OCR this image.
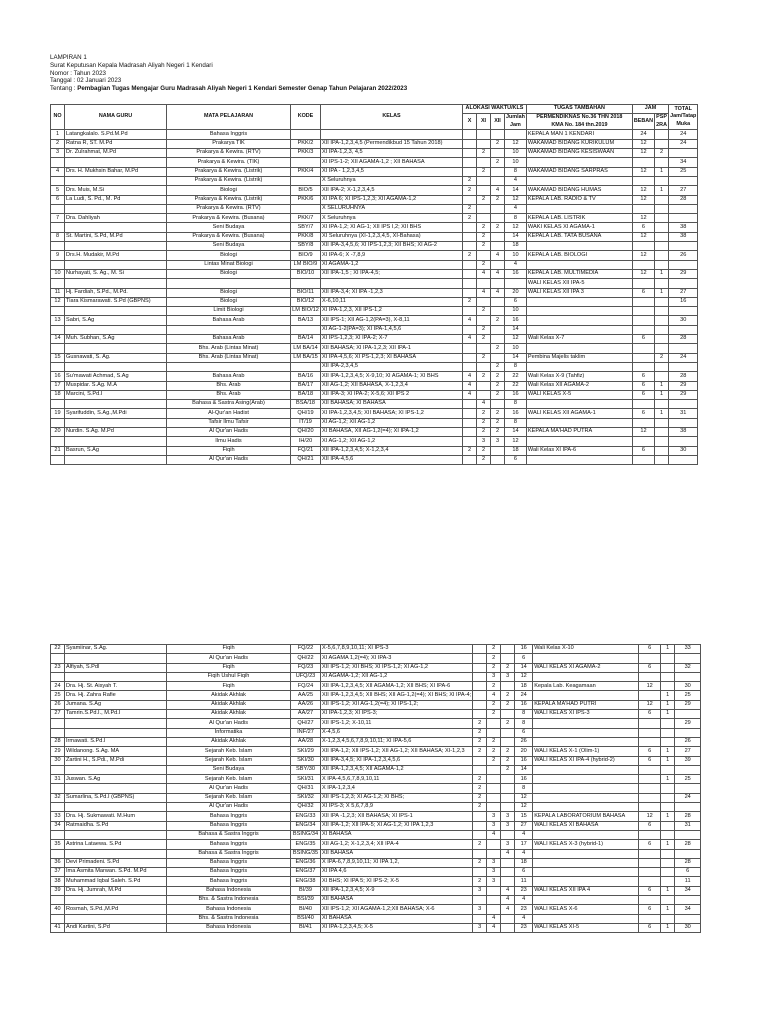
LAMPIRAN 1
Surat Keputusan Kepala Madrasah Aliyah Negeri 1 Kendari
Nomor : Tahun 2023
Tanggal : 02 Januari 2023
Tentang : Pembagian Tugas Mengajar Guru Madrasah Aliyah Negeri 1 Kendari Semester Genap Tahun Pelajaran 2022/2023
NO	NAMA GURU	MATA PELAJARAN	KODE	KELAS	ALOKASI WAKTU/KLS				TUGAS TAMBAHAN	JAM		TOTAL Jam/Tatap Muka
					X	XI	XII	Jumlah Jam	PERMENDIKNAS No.36 THN 2018
KMA No. 184 thn.2019	BEBAN	PSP 2RA	
1	Latangkalalo. S.Pd.M.Pd	Bahasa Inggris							KEPALA MAN 1 KENDARI	24		24
2	Ratna R, ST. M.Pd	Prakarya TIK	PKK/2	XII IPA-1,2,3,4,5 (Permendikbud 15 Tahun 2018)			2	12	WAKAMAD BIDANG KURIKULUM	12		24
3	Dr. Zulrahmat, M.Pd	Prakarya & Kewira. (RTV)	PKK/3	XI IPA-1,2,3, 4,5		2		10	WAKAMAD BIDANG KESISWAAN	12	2	
		Prakarya & Kewira. (TIK)		XI IPS-1-2; XII AGAMA-1,2 ; XII BAHASA			2	10				34
4	Drs. H. Mukhsin Bahar, M.Pd	Prakarya & Kewira. (Listrik)	PKK/4	XI IPA - 1,2,3,4,5		2		8	WAKAMAD BIDANG SARPRAS	12	1	25
		Prakarya & Kewira. (Listrik)		X Seluruhnya	2			4				
5	Drs. Muis, M.Si	Biologi	BIO/5	XII IPA-2; X-1,2,3,4,5	2		4	14	WAKAMAD BIDANG HUMAS	12	1	27
6	La Ludi, S. Pd., M. Pd	Prakarya & Kewira. (Listrik)	PKK/6	XI IPA 6; XI IPS-1,2,3; XII AGAMA-1,2		2	2	12	KEPALA LAB. RADIO & TV	12		28
		Prakarya & Kewira. (RTV)		X SELURUHNYA	2			4				
7	Dra. Dahliyah	Prakarya & Kewira. (Busana)	PKK/7	X Seluruhnya	2			8	KEPALA LAB. LISTRIK	12		
		Seni Budaya	SBY/7	XI IPA-1,2; XI AG-1; XII IPS I,2; XII BHS		2	2	12	WAKI KELAS XI AGAMA-1	6		38
8	St. Martini, S.Pd, M.Pd	Prakarya & Kewira. (Busana)	PKK/8	XI Seluruhnya (XI-1,2,3,4,5, XI-Bahasa)		2		14	KEPALA LAB. TATA BUSANA	12		38
		Seni Budaya	SBY/8	XII IPA-3,4,5,6; XI IPS-1,2,3; XII BHS; XI AG-2		2		18				
9	Drs.H. Mudakir, M.Pd	Biologi	BIO/9	XI IPA-6; X -7,8,9	2		4	10	KEPALA LAB. BIOLOGI	12		26
		Lintas Minat Biologi	LM BIO/9	XI AGAMA-1,2		2		4				
10	Nurhayati, S. Ag., M. Si	Biologi	BIO/10	XII IPA-1,5 ; XI IPA-4,5;		4	4	16	KEPALA LAB. MULTIMEDIA	12	1	29
									WALI KELAS XII IPA-5			
11	Hj. Fardiah, S.Pd., M.Pd.	Biologi	BIO/11	XII IPA-3,4; XI IPA -1,2,3		4	4	20	WALI KELAS XII IPA 3	6	1	27
12	Tiara Kismarawati. S.Pd (GBPNS)	Biologi	BIO/12	X-6,10,11	2			6				16
		Limit Biologi	LM BIO/12	XI IPA-1,2,3, XII IPS-1,2		2		10				
13	Sabri, S.Ag	Bahasa Arab	BA/13	XII IPS-1; XII AG-1,2(PA=3), X-8,11	4		2	16				30
				XI AG-1-2(PA=3); XI IPA-1,4,5,6		2		14				
14	Muh. Subhan, S.Ag	Bahasa Arab	BA/14	XI IPS-1,2,3; XI IPA-2; X-7	4	2		12	Wali Kelas X-7	6		28
		Bhs. Arab (Lintas Minat)	LM BA/14	XII BAHASA; XI IPA-1,2,3; XII IPA-1			2	10				
15	Gusnawati, S. Ag.	Bhs. Arab (Lintas Minat)	LM BA/15	XI IPA-4,5,6; XI PS-1,2,3; XI BAHASA		2		14	Pembina Majelis taklim		2	24
				XII IPA-2,3,4,5			2	8				
16	Su'mawati Achmad, S.Ag	Bahasa Arab	BA/16	XII IPA-1,2,3,4,5; X-9,10; XI AGAMA-1; XI BHS	4	2	2	22	Wali Kelas X-9 (Tahfiz)	6		28
17	Muspidar. S.Ag. M.A	Bhs. Arab	BA/17	XII AG-1,2; XII BAHASA, X-1,2,3,4	4		2	22	Wali Kelas XII AGAMA-2	6	1	29
18	Marcini, S.Pd.I	Bhs. Arab	BA/18	XII IPA-3; XI IPA-2; X-5,6; XII IPS 2	4		2	16	WALI KELAS X-5	6	1	29
		Bahasa & Sastra Asing(Arab)	BSA/18	XII BAHASA; XI BAHASA		4		8				
19	Syarifuddin, S.Ag.,M.Pdi	Al-Qur'an Hadist	QH/19	XI IPA-1,2,3,4,5; XII BAHASA; XI IPS-1,2		2	2	16	WALI KELAS XII AGAMA-1	6	1	31
		Tafsir Ilmu Tafsir	IT/19	XI AG-1,2; XII AG-1,2		2	2	8				
20	Nurdin. S.Ag. M.Pd	Al Qur'an Hadis	QH/20	XI BAHASA, XII AG-1,2(=4); XI IPA-1,2		2	2	14	KEPALA MA'HAD PUTRA	12		38
		Ilmu Hadis	IH/20	XI AG-1,2; XII AG-1,2		3	3	12				
21	Basrun, S.Ag	Fiqih	FQ/21	XII IPA-1,2,3,4,5; X-1,2,3,4	2	2		18	Wali Kelas XI IPA-6	6		30
		Al Qur'an Hadis	QH/21	XII IPA-4,5,6		2		6				
22	Syamiinar, S.Ag.	Fiqih	FQ/22	X-5,6,7,8,9,10,11; XI IPS-3		2		16	Wali Kelas X-10	6	1	33
		Al Qur'an Hadis	QH/22	XI AGAMA 1,2(=4); XI IPA-3		2		6				
23	Alfiyah, S.Pdl	Fiqih	FQ/23	XII IPS-1,2; XII BHS; XI IPS-1,2; XI AG-1,2		2	2	14	WALI KELAS XI AGAMA-2	6		32
		Fiqih Ushul Fiqih	UFQ/23	XI AGAMA-1,2; XII AG-1,2		3	3	12				
24	Dra. Hj. St. Aisyah T.	Fiqih	FQ/24	XII IPA-1,2,3,4,5; XII AGAMA-1,2; XII BHS; XI IPA-6		2		18	Kepala Lab. Keagamaan	12		30
25	Dra. Hj. Zahra Rafie	Akidak Akhlak	AA/25	XII IPA-1,2,3,4,5; XII BHS; XII AG-1,2(=4); XI BHS; XI IPA-4;		4	2	24			1	25
26	Jumana. S.Ag	Akidak Akhlak	AA/26	XII IPS-1,2; XII AG-1,2(=4); XI IPS-1,2;		2	2	16	KEPALA MA'HAD PUTRI	12	1	29
27	Tamrin.S.Pd.I., M.Pd.I	Akidak Akhlak	AA/27	XI IPA-1,2,3; XI IPS-3;		2		8	WALI KELAS XI IPS-3	6	1	
		Al Qur'an Hadis	QH/27	XII IPS-1,2; X-10,11	2		2	8				29
		Informatika	INF/27	X-4,5,6	2			6				
28	Irmawati. S.Pd.I	Akidak Akhlak	AA/28	X-1,2,3,4,5,6,7,8,9,10,11; XI IPA-5,6	2	2		26				26
29	Wildanong. S.Ag. MA	Sejarah Keb. Islam	SKI/29	XII IPA-1,2; XII IPS-1,2; XII AG-1,2; XII BAHASA; XI-1,2,3	2	2	2	20	WALI KELAS X-1 (Olim-1)	6	1	27
30	Zartini H., S.Pdi., M.Pdi	Sejarah Keb. Islam	SKI/30	XII IPA-3,4,5; XI IPA-1,2,3,4,5,6		2	2	16	WALI KELAS XI IPA-4 (hybrid-2)	6	1	39
		Seni Budaya	SBY/30	XII IPA-1,2,3,4,5; XII AGAMA-1,2			2	14				
31	Juswan. S.Ag	Sejarah Keb. Islam	SKI/31	X IPA-4,5,6,7,8,9,10,11	2			16			1	25
		Al Qur'an Hadis	QH/31	X IPA-1,2,3,4	2			8				
32	Sumarlina, S.Pd.I (GBPNS)	Sejarah Keb. Islam	SKI/32	XII IPS-1,2,3; XI AG-1,2; XI BHS;	2			12				24
		Al Qur'an Hadis	QH/32	XI IPS-3; X 5,6,7,8,9	2			12				
33	Dra. Hj. Sukmawati. M.Hum	Bahasa Inggris	ENG/33	XII IPA -1,2,3; XII BAHASA; XI IPS-1		3	3	15	KEPALA LABORATORIUM BAHASA	12	1	28
34	Ratmaidha. S.Pd	Bahasa Inggris	ENG/34	XII IPA-1,2; XII IPA-5; XI AG-1,2; XI IPA 1,2,3		3	3	27	WALI KELAS XI BAHASA	6		31
		Bahasa & Sastra Inggris	BSING/34	XI BAHASA		4		4				
35	Astrina Lataewa. S.Pd	Bahasa Inggris	ENG/35	XII AG-1,2; X-1,2,3,4; XII IPA-4	2		3	17	WALI KELAS X-3 (hybrid-1)	6	1	28
		Bahasa & Sastra Inggris	BSING/35	XII BAHASA			4	4				
36	Devi Primadeni. S.Pd	Bahasa Inggris	ENG/36	X IPA-6,7,8,9,10,11; XI IPA 1,2,	2	3		18				28
37	Ima Asmita Marwan. S.Pd. M.Pd	Bahasa Inggris	ENG/37	XI IPA 4,6		3		6				6
38	Muhammad Iqbal Saleh. S.Pd	Bahasa Inggris	ENG/38	XI BHS; XI IPA 5; XI IPS-2; X-5	2	3		11				11
39	Dra. Hj. Jumrah, M.Pd	Bahasa Indonesia	BI/39	XII IPA-1,2,3,4,5; X-9	3		4	23	WALI KELAS XII IPA 4	6	1	34
		Bhs. & Sastra Indonesia	BSI/39	XII BAHASA			4	4				
40	Rosmah, S.Pd.,M.Pd	Bahasa Indonesia	BI/40	XII IPS-1,2; XII AGAMA-1,2;XII BAHASA; X-6	3		4	23	WALI KELAS X-6	6	1	34
		Bhs. & Sastra Indonesia	BSI/40	XI BAHASA		4		4				
41	Andi Kartini, S.Pd	Bahasa Indonesia	BI/41	XI IPA-1,2,3,4,5; X-5	3	4		23	WALI KELAS XI-5	6	1	30
